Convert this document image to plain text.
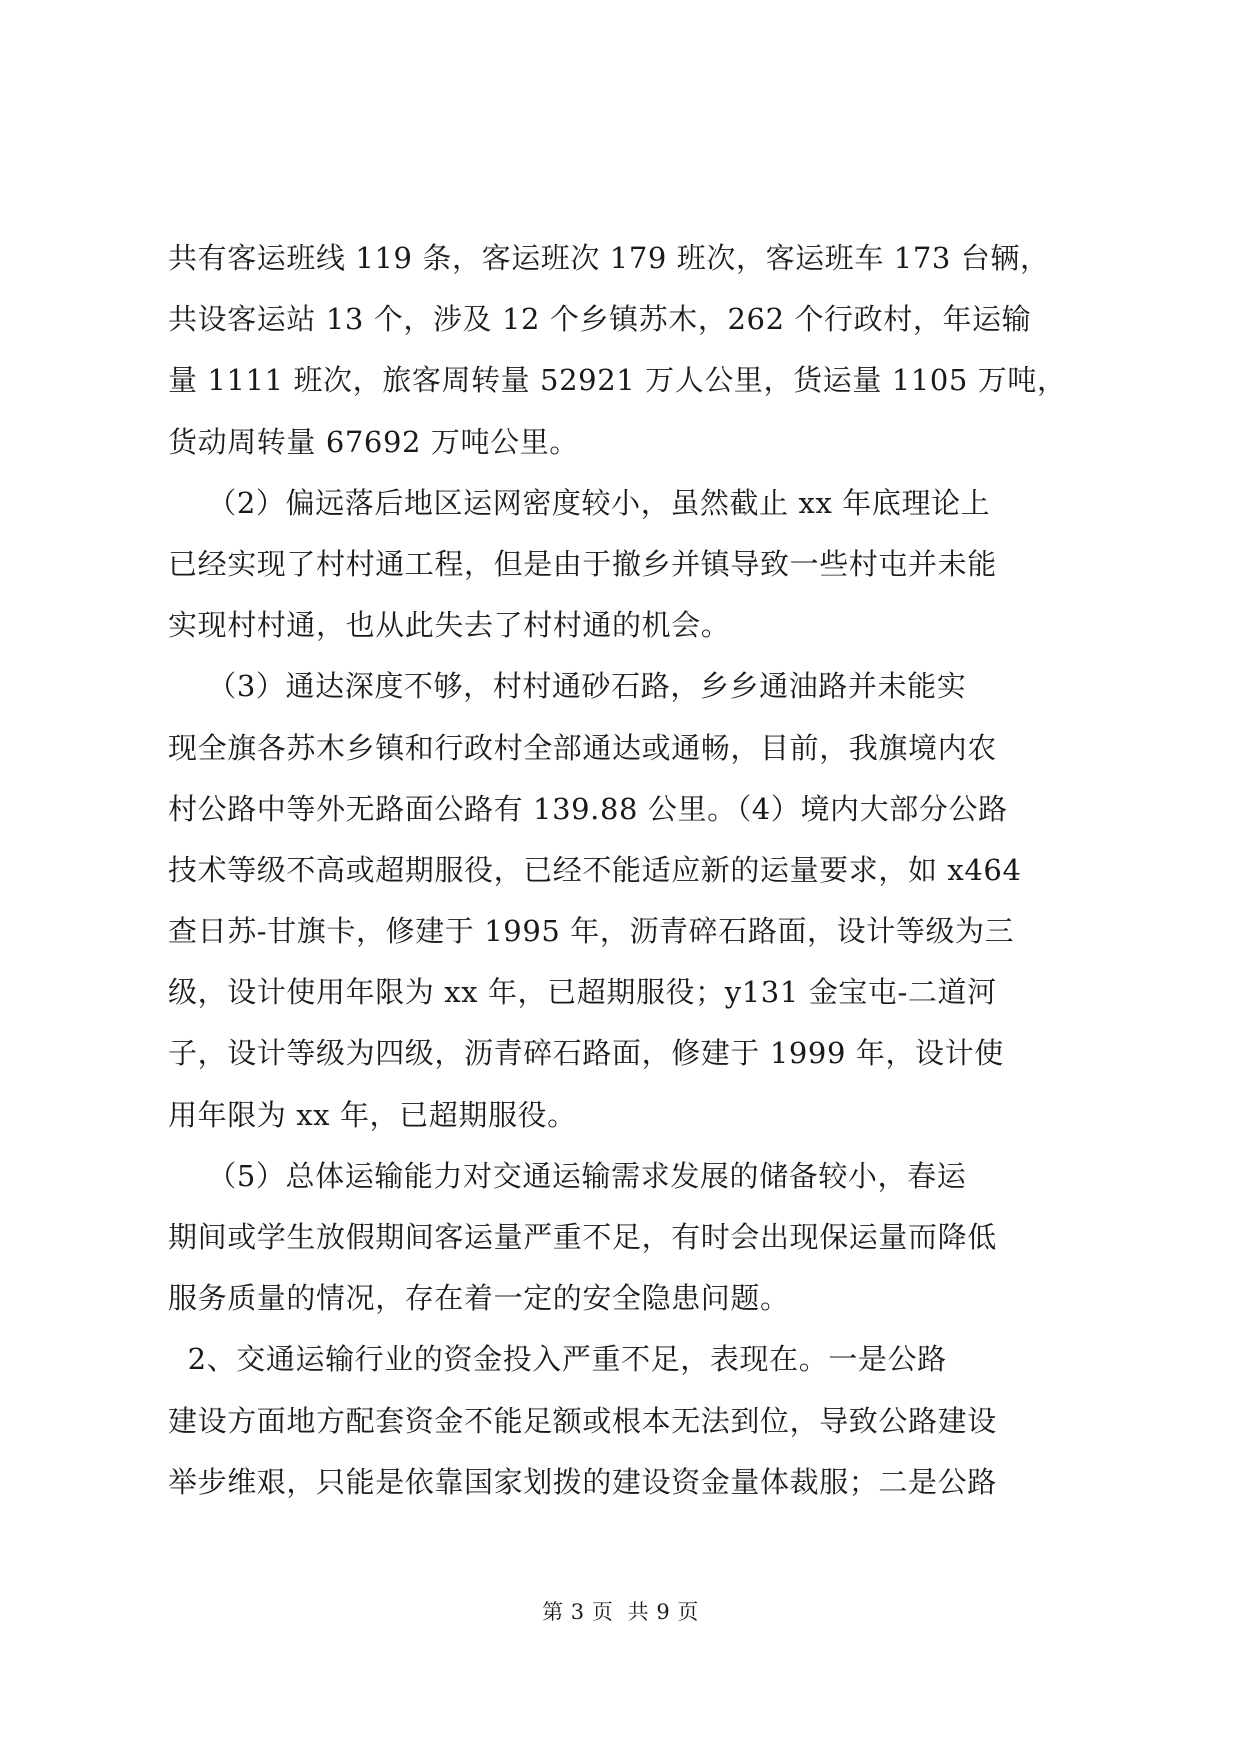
共有客运班线 119 条，客运班次 179 班次，客运班车 173 台辆，
共设客运站 13 个，涉及 12 个乡镇苏木，262 个行政村，年运输
量 1111 班次，旅客周转量 52921 万人公里，货运量 1105 万吨，
货动周转量 67692 万吨公里。
（2）偏远落后地区运网密度较小，虽然截止 xx 年底理论上
已经实现了村村通工程，但是由于撤乡并镇导致一些村屯并未能
实现村村通，也从此失去了村村通的机会。
（3）通达深度不够，村村通砂石路，乡乡通油路并未能实
现全旗各苏木乡镇和行政村全部通达或通畅，目前，我旗境内农
村公路中等外无路面公路有 139.88 公里。（4）境内大部分公路
技术等级不高或超期服役，已经不能适应新的运量要求，如 x464
查日苏-甘旗卡，修建于 1995 年，沥青碎石路面，设计等级为三
级，设计使用年限为 xx 年，已超期服役；y131 金宝屯-二道河
子，设计等级为四级，沥青碎石路面，修建于 1999 年，设计使
用年限为 xx 年，已超期服役。
（5）总体运输能力对交通运输需求发展的储备较小，春运
期间或学生放假期间客运量严重不足，有时会出现保运量而降低
服务质量的情况，存在着一定的安全隐患问题。
2、交通运输行业的资金投入严重不足，表现在。一是公路
建设方面地方配套资金不能足额或根本无法到位，导致公路建设
举步维艰，只能是依靠国家划拨的建设资金量体裁服；二是公路
第 3 页  共 9 页
